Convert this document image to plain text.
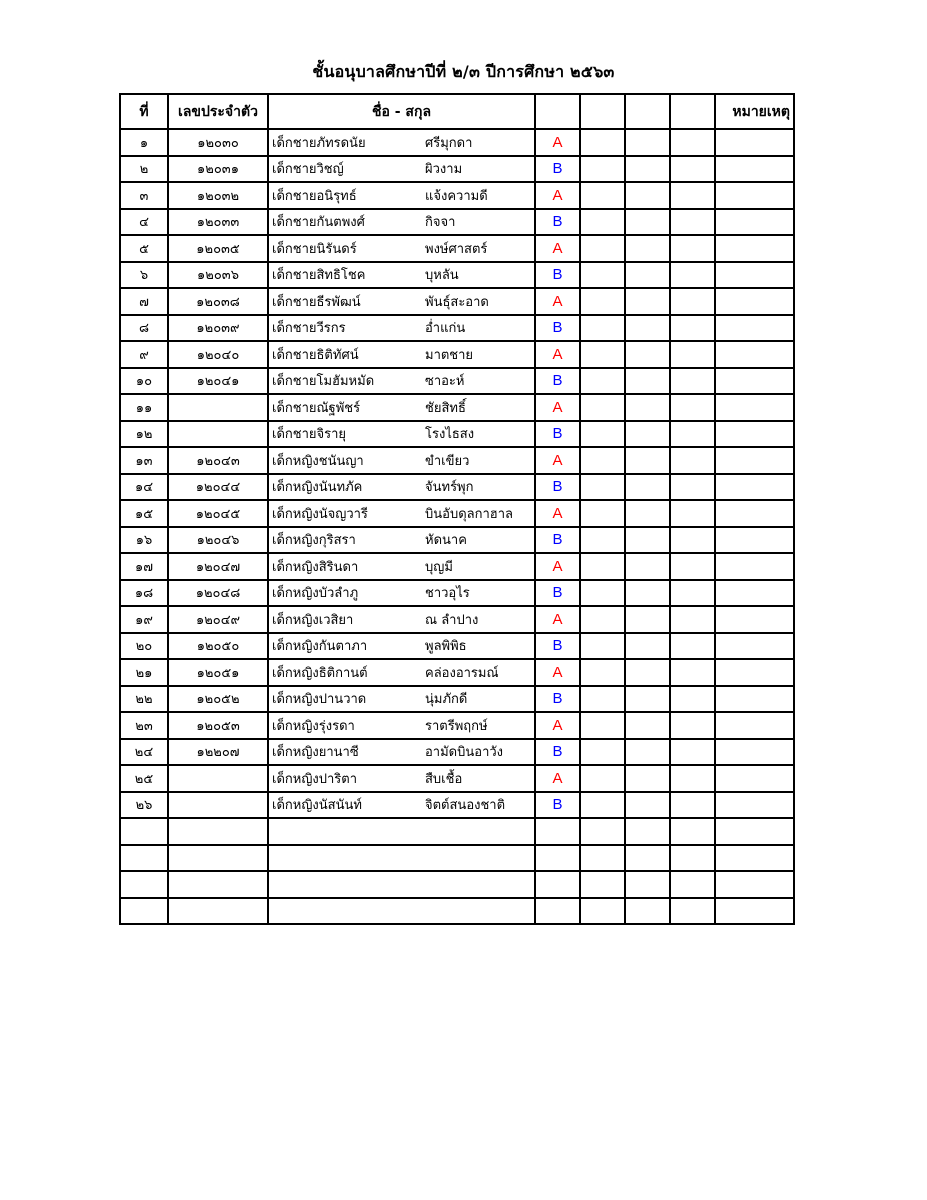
ชั้นอนุบาลศึกษาปีที่ ๒/๓ ปีการศึกษา ๒๕๖๓
ที่	เลขประจำตัว	ชื่อ - สกุล					หมายเหตุ
๑	๑๒๐๓๐	เด็กชายภัทรดนัย ศรีมุกดา	A				
๒	๑๒๐๓๑	เด็กชายวิชญ์ ผิวงาม	B				
๓	๑๒๐๓๒	เด็กชายอนิรุทธ์ แจ้งความดี	A				
๔	๑๒๐๓๓	เด็กชายกันตพงศ์ กิจจา	B				
๕	๑๒๐๓๕	เด็กชายนิรันดร์ พงษ์ศาสตร์	A				
๖	๑๒๐๓๖	เด็กชายสิทธิโชค บุหลัน	B				
๗	๑๒๐๓๘	เด็กชายธีรพัฒน์ พันธุ์สะอาด	A				
๘	๑๒๐๓๙	เด็กชายวีรกร อ่ำแก่น	B				
๙	๑๒๐๔๐	เด็กชายธิติทัศน์ มาตชาย	A				
๑๐	๑๒๐๔๑	เด็กชายโมฮัมหมัด ซาอะห์	B				
๑๑		เด็กชายณัฐพัชร์ ชัยสิทธิ์	A				
๑๒		เด็กชายจิรายุ โรงไธสง	B				
๑๓	๑๒๐๔๓	เด็กหญิงชนันญา ขำเขียว	A				
๑๔	๑๒๐๔๔	เด็กหญิงนันทภัค จันทร์พุก	B				
๑๕	๑๒๐๔๕	เด็กหญิงนัจญวารี บินอับดุลกาฮาล	A				
๑๖	๑๒๐๔๖	เด็กหญิงกุริสรา หัดนาค	B				
๑๗	๑๒๐๔๗	เด็กหญิงสิรินดา บุญมี	A				
๑๘	๑๒๐๔๘	เด็กหญิงบัวลำภู ชาวอุไร	B				
๑๙	๑๒๐๔๙	เด็กหญิงเวสิยา ณ ลำปาง	A				
๒๐	๑๒๐๕๐	เด็กหญิงกันตาภา พูลพิพิธ	B				
๒๑	๑๒๐๕๑	เด็กหญิงธิติกานต์ คล่องอารมณ์	A				
๒๒	๑๒๐๕๒	เด็กหญิงปานวาด นุ่มภักดี	B				
๒๓	๑๒๐๕๓	เด็กหญิงรุ่งรดา ราตรีพฤกษ์	A				
๒๔	๑๒๒๐๗	เด็กหญิงยานาซี อามัดบินอาวัง	B				
๒๕		เด็กหญิงปาริตา สืบเชื้อ	A				
๒๖		เด็กหญิงนัสนันท์ จิตต์สนองชาติ	B				
